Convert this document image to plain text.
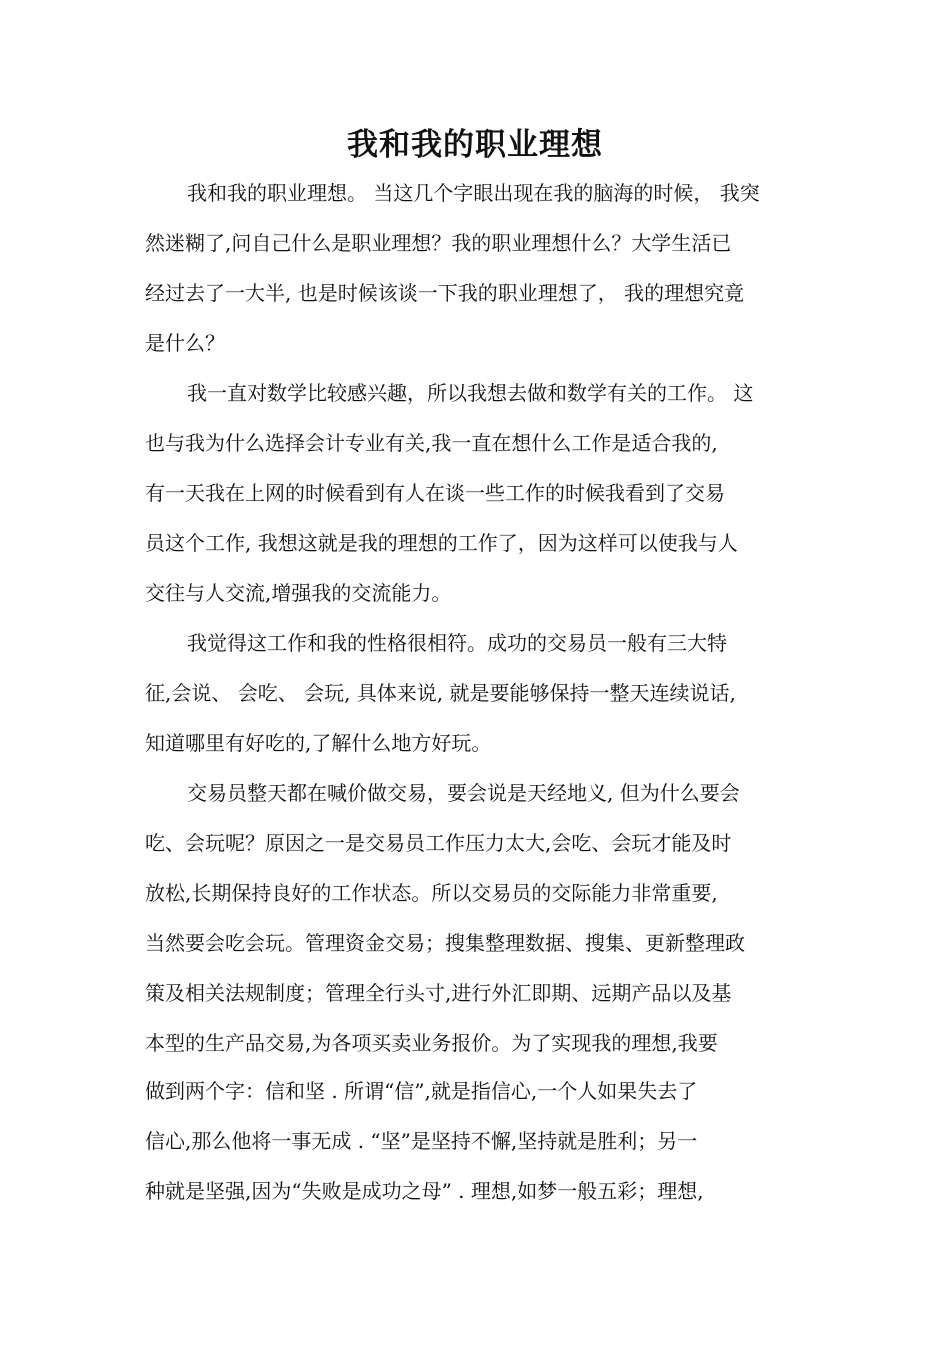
我和我的职业理想
我和我的职业理想。 当这几个字眼出现在我的脑海的时候， 我突
然迷糊了,问自己什么是职业理想？我的职业理想什么？大学生活已
经过去了一大半, 也是时候该谈一下我的职业理想了， 我的理想究竟
是什么？
我一直对数学比较感兴趣，所以我想去做和数学有关的工作。 这
也与我为什么选择会计专业有关,我一直在想什么工作是适合我的,
有一天我在上网的时候看到有人在谈一些工作的时候我看到了交易
员这个工作, 我想这就是我的理想的工作了，因为这样可以使我与人
交往与人交流,增强我的交流能力。
我觉得这工作和我的性格很相符。成功的交易员一般有三大特
征,会说、 会吃、 会玩, 具体来说, 就是要能够保持一整天连续说话,
知道哪里有好吃的,了解什么地方好玩。
交易员整天都在喊价做交易，要会说是天经地义, 但为什么要会
吃、会玩呢？原因之一是交易员工作压力太大,会吃、会玩才能及时
放松,长期保持良好的工作状态。所以交易员的交际能力非常重要,
当然要会吃会玩。管理资金交易；搜集整理数据、搜集、更新整理政
策及相关法规制度；管理全行头寸,进行外汇即期、远期产品以及基
本型的生产品交易,为各项买卖业务报价。为了实现我的理想,我要
做到两个字：信和坚 . 所谓“信”,就是指信心,一个人如果失去了
信心,那么他将一事无成 . “坚”是坚持不懈,坚持就是胜利；另一
种就是坚强,因为“失败是成功之母” . 理想,如梦一般五彩；理想,
